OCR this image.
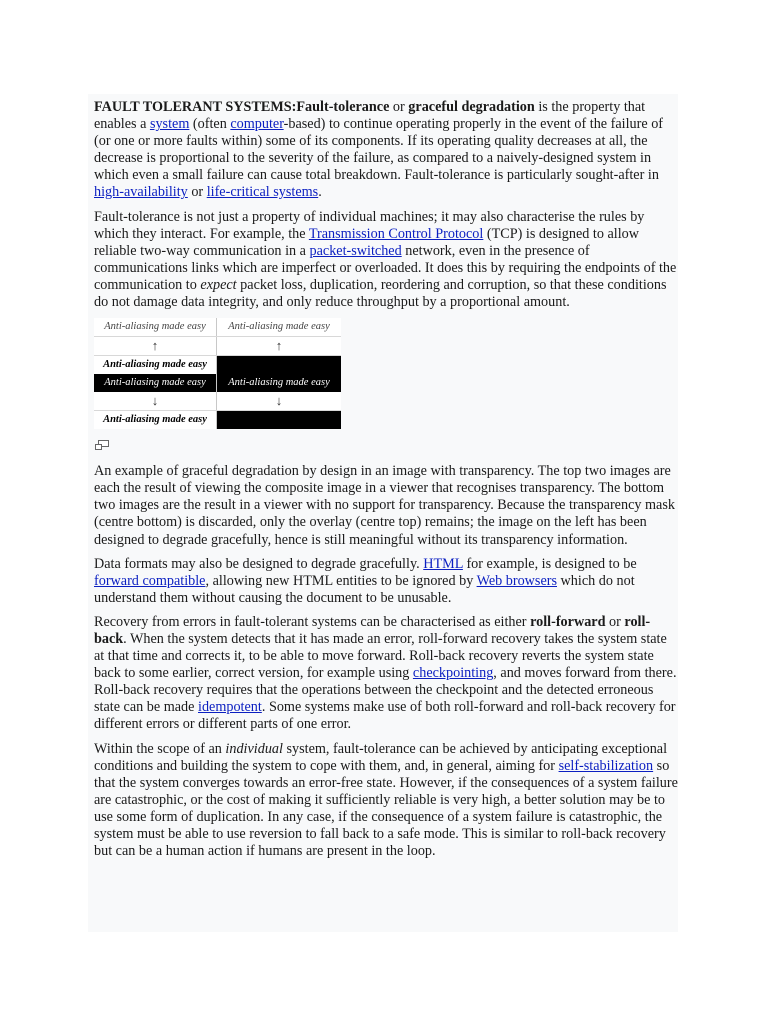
FAULT TOLERANT SYSTEMS:Fault-tolerance or graceful degradation is the property that enables a system (often computer-based) to continue operating properly in the event of the failure of (or one or more faults within) some of its components. If its operating quality decreases at all, the decrease is proportional to the severity of the failure, as compared to a naively-designed system in which even a small failure can cause total breakdown. Fault-tolerance is particularly sought-after in high-availability or life-critical systems.

Fault-tolerance is not just a property of individual machines; it may also characterise the rules by which they interact. For example, the Transmission Control Protocol (TCP) is designed to allow reliable two-way communication in a packet-switched network, even in the presence of communications links which are imperfect or overloaded. It does this by requiring the endpoints of the communication to expect packet loss, duplication, reordering and corruption, so that these conditions do not damage data integrity, and only reduce throughput by a proportional amount.

Anti-aliasing made easy	Anti-aliasing made easy
↑	↑
Anti-aliasing made easy
Anti-aliasing made easy	Anti-aliasing made easy
↓	↓
Anti-aliasing made easy

An example of graceful degradation by design in an image with transparency. The top two images are each the result of viewing the composite image in a viewer that recognises transparency. The bottom two images are the result in a viewer with no support for transparency. Because the transparency mask (centre bottom) is discarded, only the overlay (centre top) remains; the image on the left has been designed to degrade gracefully, hence is still meaningful without its transparency information.

Data formats may also be designed to degrade gracefully. HTML for example, is designed to be forward compatible, allowing new HTML entities to be ignored by Web browsers which do not understand them without causing the document to be unusable.

Recovery from errors in fault-tolerant systems can be characterised as either roll-forward or roll-back. When the system detects that it has made an error, roll-forward recovery takes the system state at that time and corrects it, to be able to move forward. Roll-back recovery reverts the system state back to some earlier, correct version, for example using checkpointing, and moves forward from there. Roll-back recovery requires that the operations between the checkpoint and the detected erroneous state can be made idempotent. Some systems make use of both roll-forward and roll-back recovery for different errors or different parts of one error.

Within the scope of an individual system, fault-tolerance can be achieved by anticipating exceptional conditions and building the system to cope with them, and, in general, aiming for self-stabilization so that the system converges towards an error-free state. However, if the consequences of a system failure are catastrophic, or the cost of making it sufficiently reliable is very high, a better solution may be to use some form of duplication. In any case, if the consequence of a system failure is catastrophic, the system must be able to use reversion to fall back to a safe mode. This is similar to roll-back recovery but can be a human action if humans are present in the loop.
